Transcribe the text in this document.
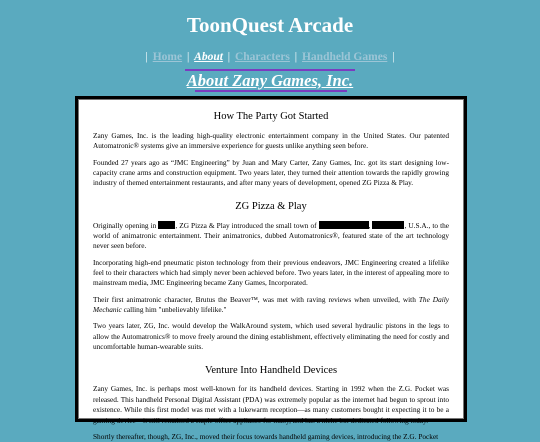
ToonQuest Arcade
| Home | About | Characters | Handheld Games |
About Zany Games, Inc.
How The Party Got Started

Zany Games, Inc. is the leading high-quality electronic entertainment company in the United States. Our patented Automatronic® systems give an immersive experience for guests unlike anything seen before.

Founded 27 years ago as “JMC Engineering” by Juan and Mary Carter, Zany Games, Inc. got its start designing low-capacity crane arms and construction equipment. Two years later, they turned their attention towards the rapidly growing industry of themed entertainment restaurants, and after many years of development, opened ZG Pizza & Play.

ZG Pizza & Play

Originally opening in	, ZG Pizza & Play introduced the small town of	,	, U.S.A., to the world of animatronic entertainment. Their animatronics, dubbed Automatronics®, featured state of the art technology never seen before.

Incorporating high-end pneumatic piston technology from their previous endeavors, JMC Engineering created a lifelike feel to their characters which had simply never been achieved before. Two years later, in the interest of appealing more to mainstream media, JMC Engineering became Zany Games, Incorporated.

Their first animatronic character, Brutus the Beaver™, was met with raving reviews when unveiled, with The Daily Mechanic calling him "unbelievably lifelike."

Two years later, ZG, Inc. would develop the WalkAround system, which used several hydraulic pistons in the legs to allow the Automatronics® to move freely around the dining establishment, effectively eliminating the need for costly and uncomfortable human-wearable suits.

Venture Into Handheld Devices

Zany Games, Inc. is perhaps most well-known for its handheld devices. Starting in 1992 when the Z.G. Pocket was released. This handheld Personal Digital Assistant (PDA) was extremely popular as the internet had begun to sprout into existence. While this first model was met with a lukewarm reception—as many customers bought it expecting it to be a gaming device—it still remained a staple office appliance for many, and has a niche but dedicated following today.

Shortly thereafter, though, ZG, Inc., moved their focus towards handheld gaming devices, introducing the Z.G. Pocket
